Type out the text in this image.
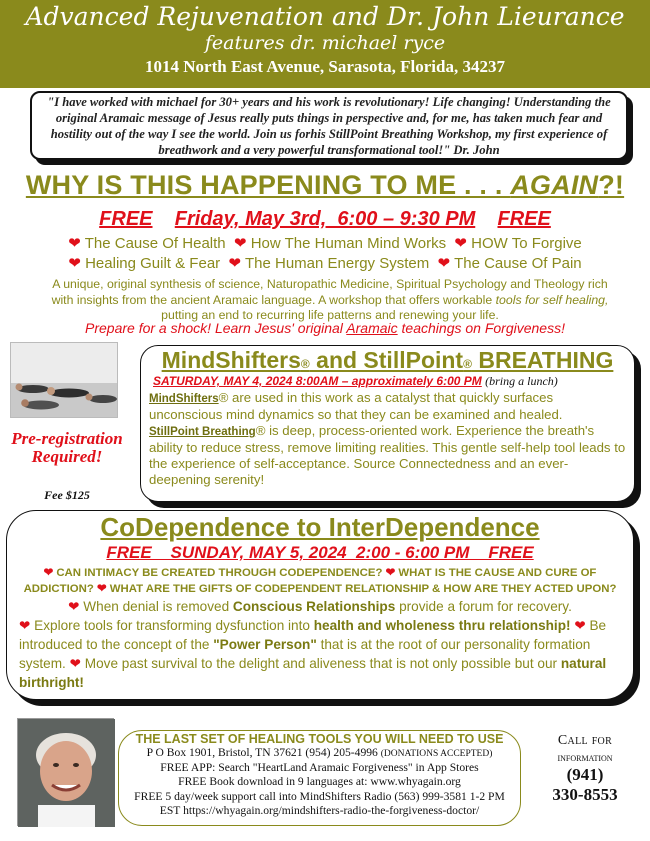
Advanced Rejuvenation and Dr. John Lieurance
features dr. michael ryce
1014 North East Avenue, Sarasota, Florida, 34237
"I have worked with michael for 30+ years and his work is revolutionary! Life changing! Understanding the original Aramaic message of Jesus really puts things in perspective and, for me, has taken much fear and hostility out of the way I see the world. Join us forhis StillPoint Breathing Workshop, my first experience of breathwork and a very powerful transformational tool!" Dr. John
WHY IS THIS HAPPENING TO ME . . . AGAIN?!
FREE Friday, May 3rd,  6:00 – 9:30 PM FREE
❤ The Cause Of Health ❤ How The Human Mind Works ❤ HOW To Forgive
❤ Healing Guilt & Fear ❤ The Human Energy System ❤ The Cause Of Pain
A unique, original synthesis of science, Naturopathic Medicine, Spiritual Psychology and Theology rich with insights from the ancient Aramaic language. A workshop that offers workable tools for self healing, putting an end to recurring life patterns and renewing your life.
Prepare for a shock! Learn Jesus' original Aramaic teachings on Forgiveness!
Pre-registration Required!
Fee $125
MindShifters® and StillPoint® BREATHING
SATURDAY, MAY 4, 2024 8:00AM – approximately 6:00 PM (bring a lunch)
MindShifters® are used in this work as a catalyst that quickly surfaces unconscious mind dynamics so that they can be examined and healed.
StillPoint Breathing® is deep, process-oriented work. Experience the breath's ability to reduce stress, remove limiting realities. This gentle self-help tool leads to the experience of self-acceptance. Source Connectedness and an ever-deepening serenity!
CoDependence to InterDependence
FREE    SUNDAY, MAY 5, 2024  2:00 - 6:00 PM    FREE
❤ CAN INTIMACY BE CREATED THROUGH CODEPENDENCE? ❤ WHAT IS THE CAUSE AND CURE OF ADDICTION? ❤ WHAT ARE THE GIFTS OF CODEPENDENT RELATIONSHIP & HOW ARE THEY ACTED UPON?
❤ When denial is removed Conscious Relationships provide a forum for recovery.
❤ Explore tools for transforming dysfunction into health and wholeness thru relationship! ❤ Be introduced to the concept of the "Power Person" that is at the root of our personality formation system. ❤ Move past survival to the delight and aliveness that is not only possible but our natural birthright!
THE LAST SET OF HEALING TOOLS YOU WILL NEED TO USE
P O Box 1901, Bristol, TN 37621 (954) 205-4996 (DONATIONS ACCEPTED)
FREE APP: Search "HeartLand Aramaic Forgiveness" in App Stores
FREE Book download in 9 languages at: www.whyagain.org
FREE 5 day/week support call into MindShifters Radio (563) 999-3581 1-2 PM
EST https://whyagain.org/mindshifters-radio-the-forgiveness-doctor/
Call for
information
(941)
330-8553
